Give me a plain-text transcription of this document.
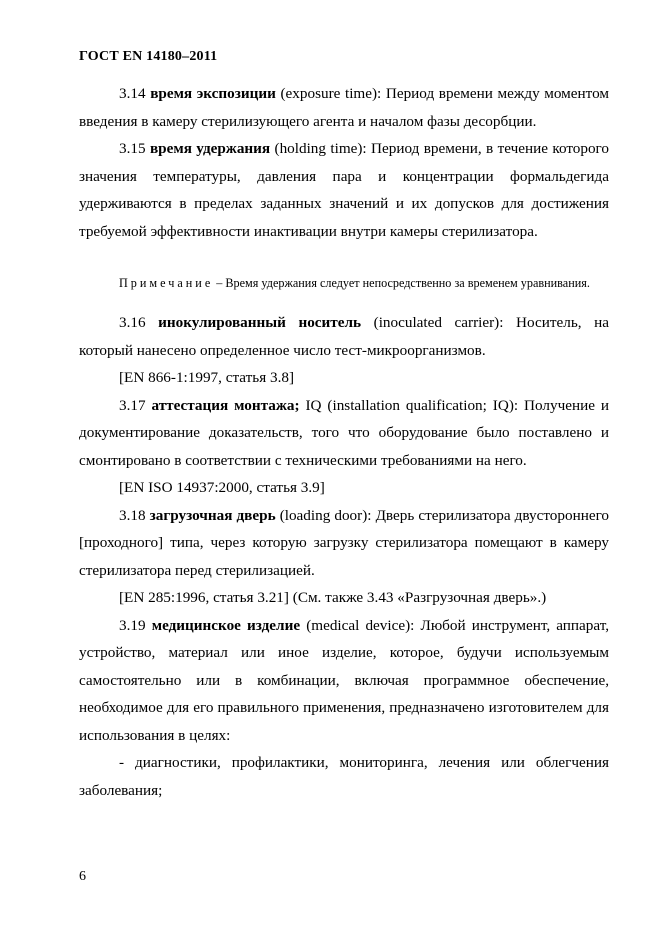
ГОСТ EN 14180–2011

3.14 время экспозиции (exposure time): Период времени между моментом введения в камеру стерилизующего агента и началом фазы десорбции.

3.15 время удержания (holding time): Период времени, в течение которого значения температуры, давления пара и концентрации формальдегида удерживаются в пределах заданных значений и их допусков для достижения требуемой эффективности инактивации внутри камеры стерилизатора.

Примечание – Время удержания следует непосредственно за временем уравнивания.

3.16 инокулированный носитель (inoculated carrier): Носитель, на который нанесено определенное число тест-микроорганизмов.

[EN 866-1:1997, статья 3.8]

3.17 аттестация монтажа; IQ (installation qualification; IQ): Получение и документирование доказательств, того что оборудование было поставлено и смонтировано в соответствии с техническими требованиями на него.

[EN ISO 14937:2000, статья 3.9]

3.18 загрузочная дверь (loading door): Дверь стерилизатора двустороннего [проходного] типа, через которую загрузку стерилизатора помещают в камеру стерилизатора перед стерилизацией.

[EN 285:1996, статья 3.21] (См. также 3.43 «Разгрузочная дверь».)

3.19 медицинское изделие (medical device): Любой инструмент, аппарат, устройство, материал или иное изделие, которое, будучи используемым самостоятельно или в комбинации, включая программное обеспечение, необходимое для его правильного применения, предназначено изготовителем для использования в целях:

- диагностики, профилактики, мониторинга, лечения или облегчения заболевания;

6
